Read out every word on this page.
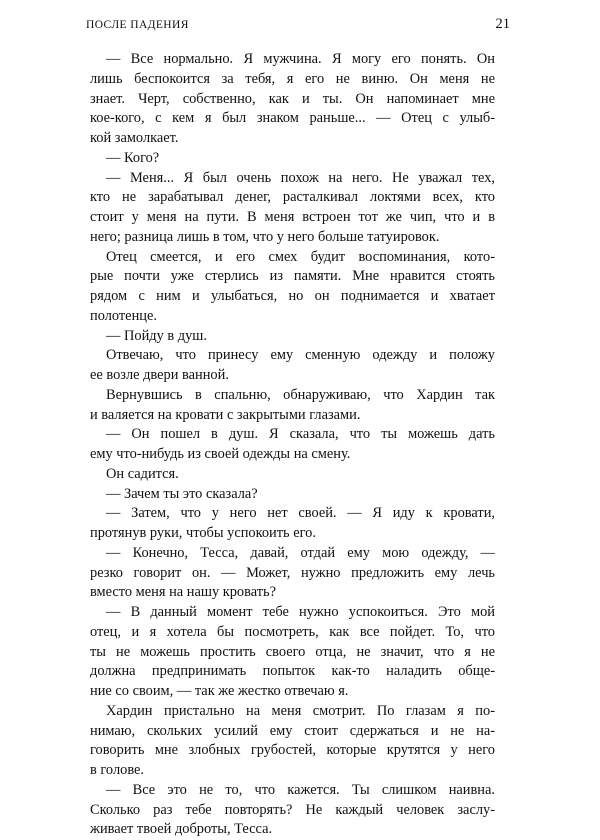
ПОСЛЕ ПАДЕНИЯ	21
— Все нормально. Я мужчина. Я могу его понять. Он
лишь беспокоится за тебя, я его не виню. Он меня не
знает. Черт, собственно, как и ты. Он напоминает мне
кое-кого, с кем я был знаком раньше... — Отец с улыб-
кой замолкает.
— Кого?
— Меня... Я был очень похож на него. Не уважал тех,
кто не зарабатывал денег, расталкивал локтями всех, кто
стоит у меня на пути. В меня встроен тот же чип, что и в
него; разница лишь в том, что у него больше татуировок.
Отец смеется, и его смех будит воспоминания, кото-
рые почти уже стерлись из памяти. Мне нравится стоять
рядом с ним и улыбаться, но он поднимается и хватает
полотенце.
— Пойду в душ.
Отвечаю, что принесу ему сменную одежду и положу
ее возле двери ванной.
Вернувшись в спальню, обнаруживаю, что Хардин так
и валяется на кровати с закрытыми глазами.
— Он пошел в душ. Я сказала, что ты можешь дать
ему что-нибудь из своей одежды на смену.
Он садится.
— Зачем ты это сказала?
— Затем, что у него нет своей. — Я иду к кровати,
протянув руки, чтобы успокоить его.
— Конечно, Тесса, давай, отдай ему мою одежду, —
резко говорит он. — Может, нужно предложить ему лечь
вместо меня на нашу кровать?
— В данный момент тебе нужно успокоиться. Это мой
отец, и я хотела бы посмотреть, как все пойдет. То, что
ты не можешь простить своего отца, не значит, что я не
должна предпринимать попыток как-то наладить обще-
ние со своим, — так же жестко отвечаю я.
Хардин пристально на меня смотрит. По глазам я по-
нимаю, скольких усилий ему стоит сдержаться и не на-
говорить мне злобных грубостей, которые крутятся у него
в голове.
— Все это не то, что кажется. Ты слишком наивна.
Сколько раз тебе повторять? Не каждый человек заслу-
живает твоей доброты, Тесса.
